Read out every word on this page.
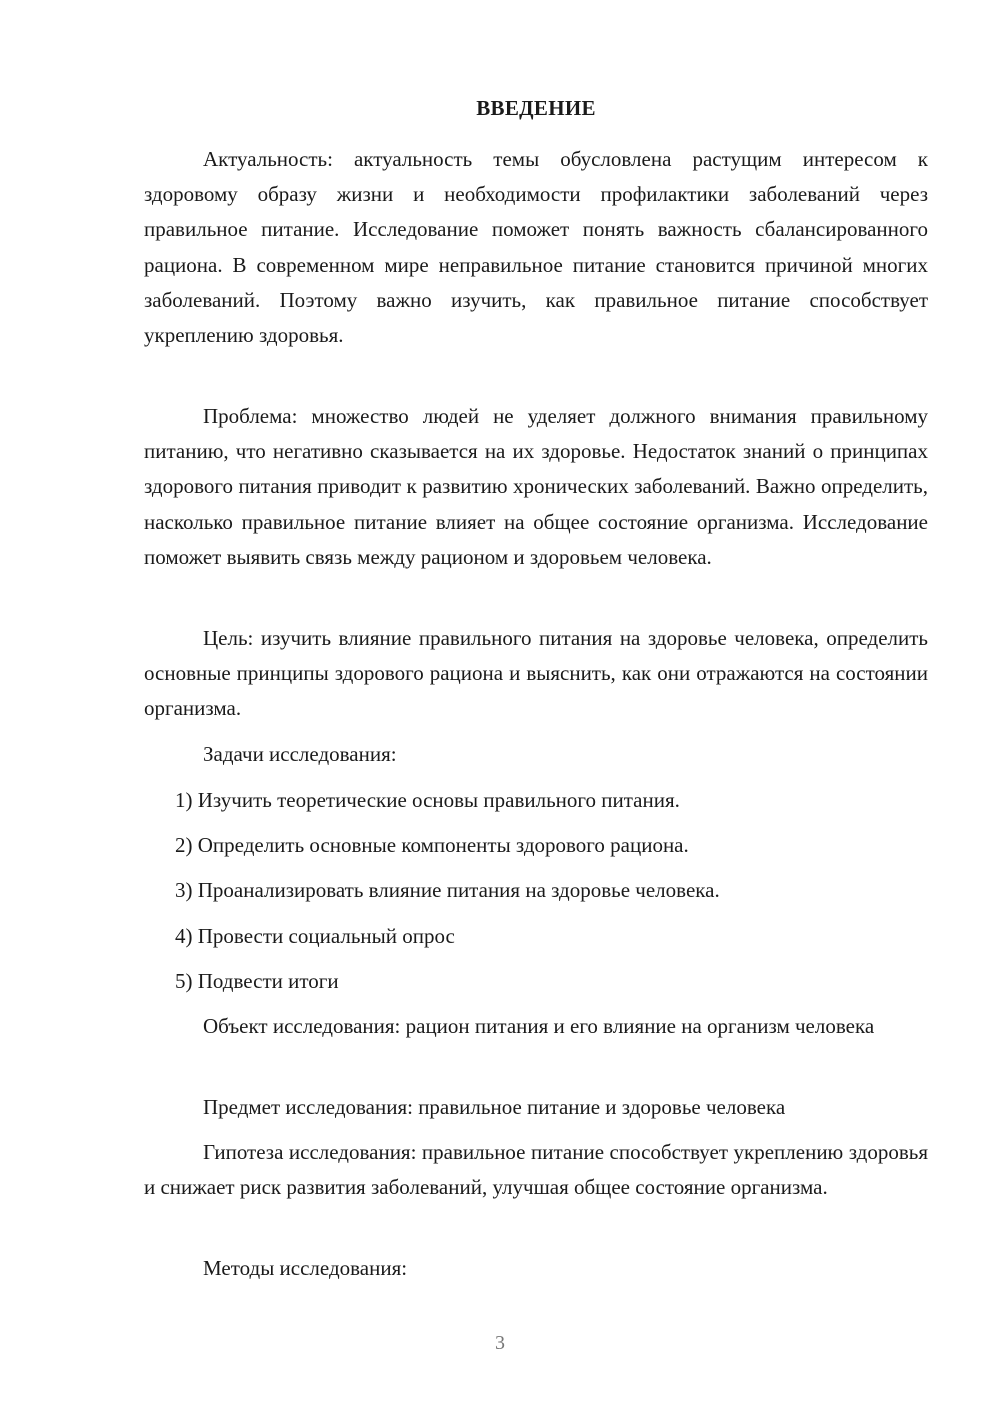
ВВЕДЕНИЕ

Актуальность: актуальность темы обусловлена растущим интересом к здоровому образу жизни и необходимости профилактики заболеваний через правильное питание. Исследование поможет понять важность сбалансированного рациона. В современном мире неправильное питание становится причиной многих заболеваний. Поэтому важно изучить, как правильное питание способствует укреплению здоровья.

Проблема: множество людей не уделяет должного внимания правильному питанию, что негативно сказывается на их здоровье. Недостаток знаний о принципах здорового питания приводит к развитию хронических заболеваний. Важно определить, насколько правильное питание влияет на общее состояние организма. Исследование поможет выявить связь между рационом и здоровьем человека.

Цель: изучить влияние правильного питания на здоровье человека, определить основные принципы здорового рациона и выяснить, как они отражаются на состоянии организма.

Задачи исследования:

1) Изучить теоретические основы правильного питания.

2) Определить основные компоненты здорового рациона.

3) Проанализировать влияние питания на здоровье человека.

4) Провести социальный опрос

5) Подвести итоги

Объект исследования: рацион питания и его влияние на организм человека

Предмет исследования: правильное питание и здоровье человека

Гипотеза исследования: правильное питание способствует укреплению здоровья и снижает риск развития заболеваний, улучшая общее состояние организма.

Методы исследования:

3
